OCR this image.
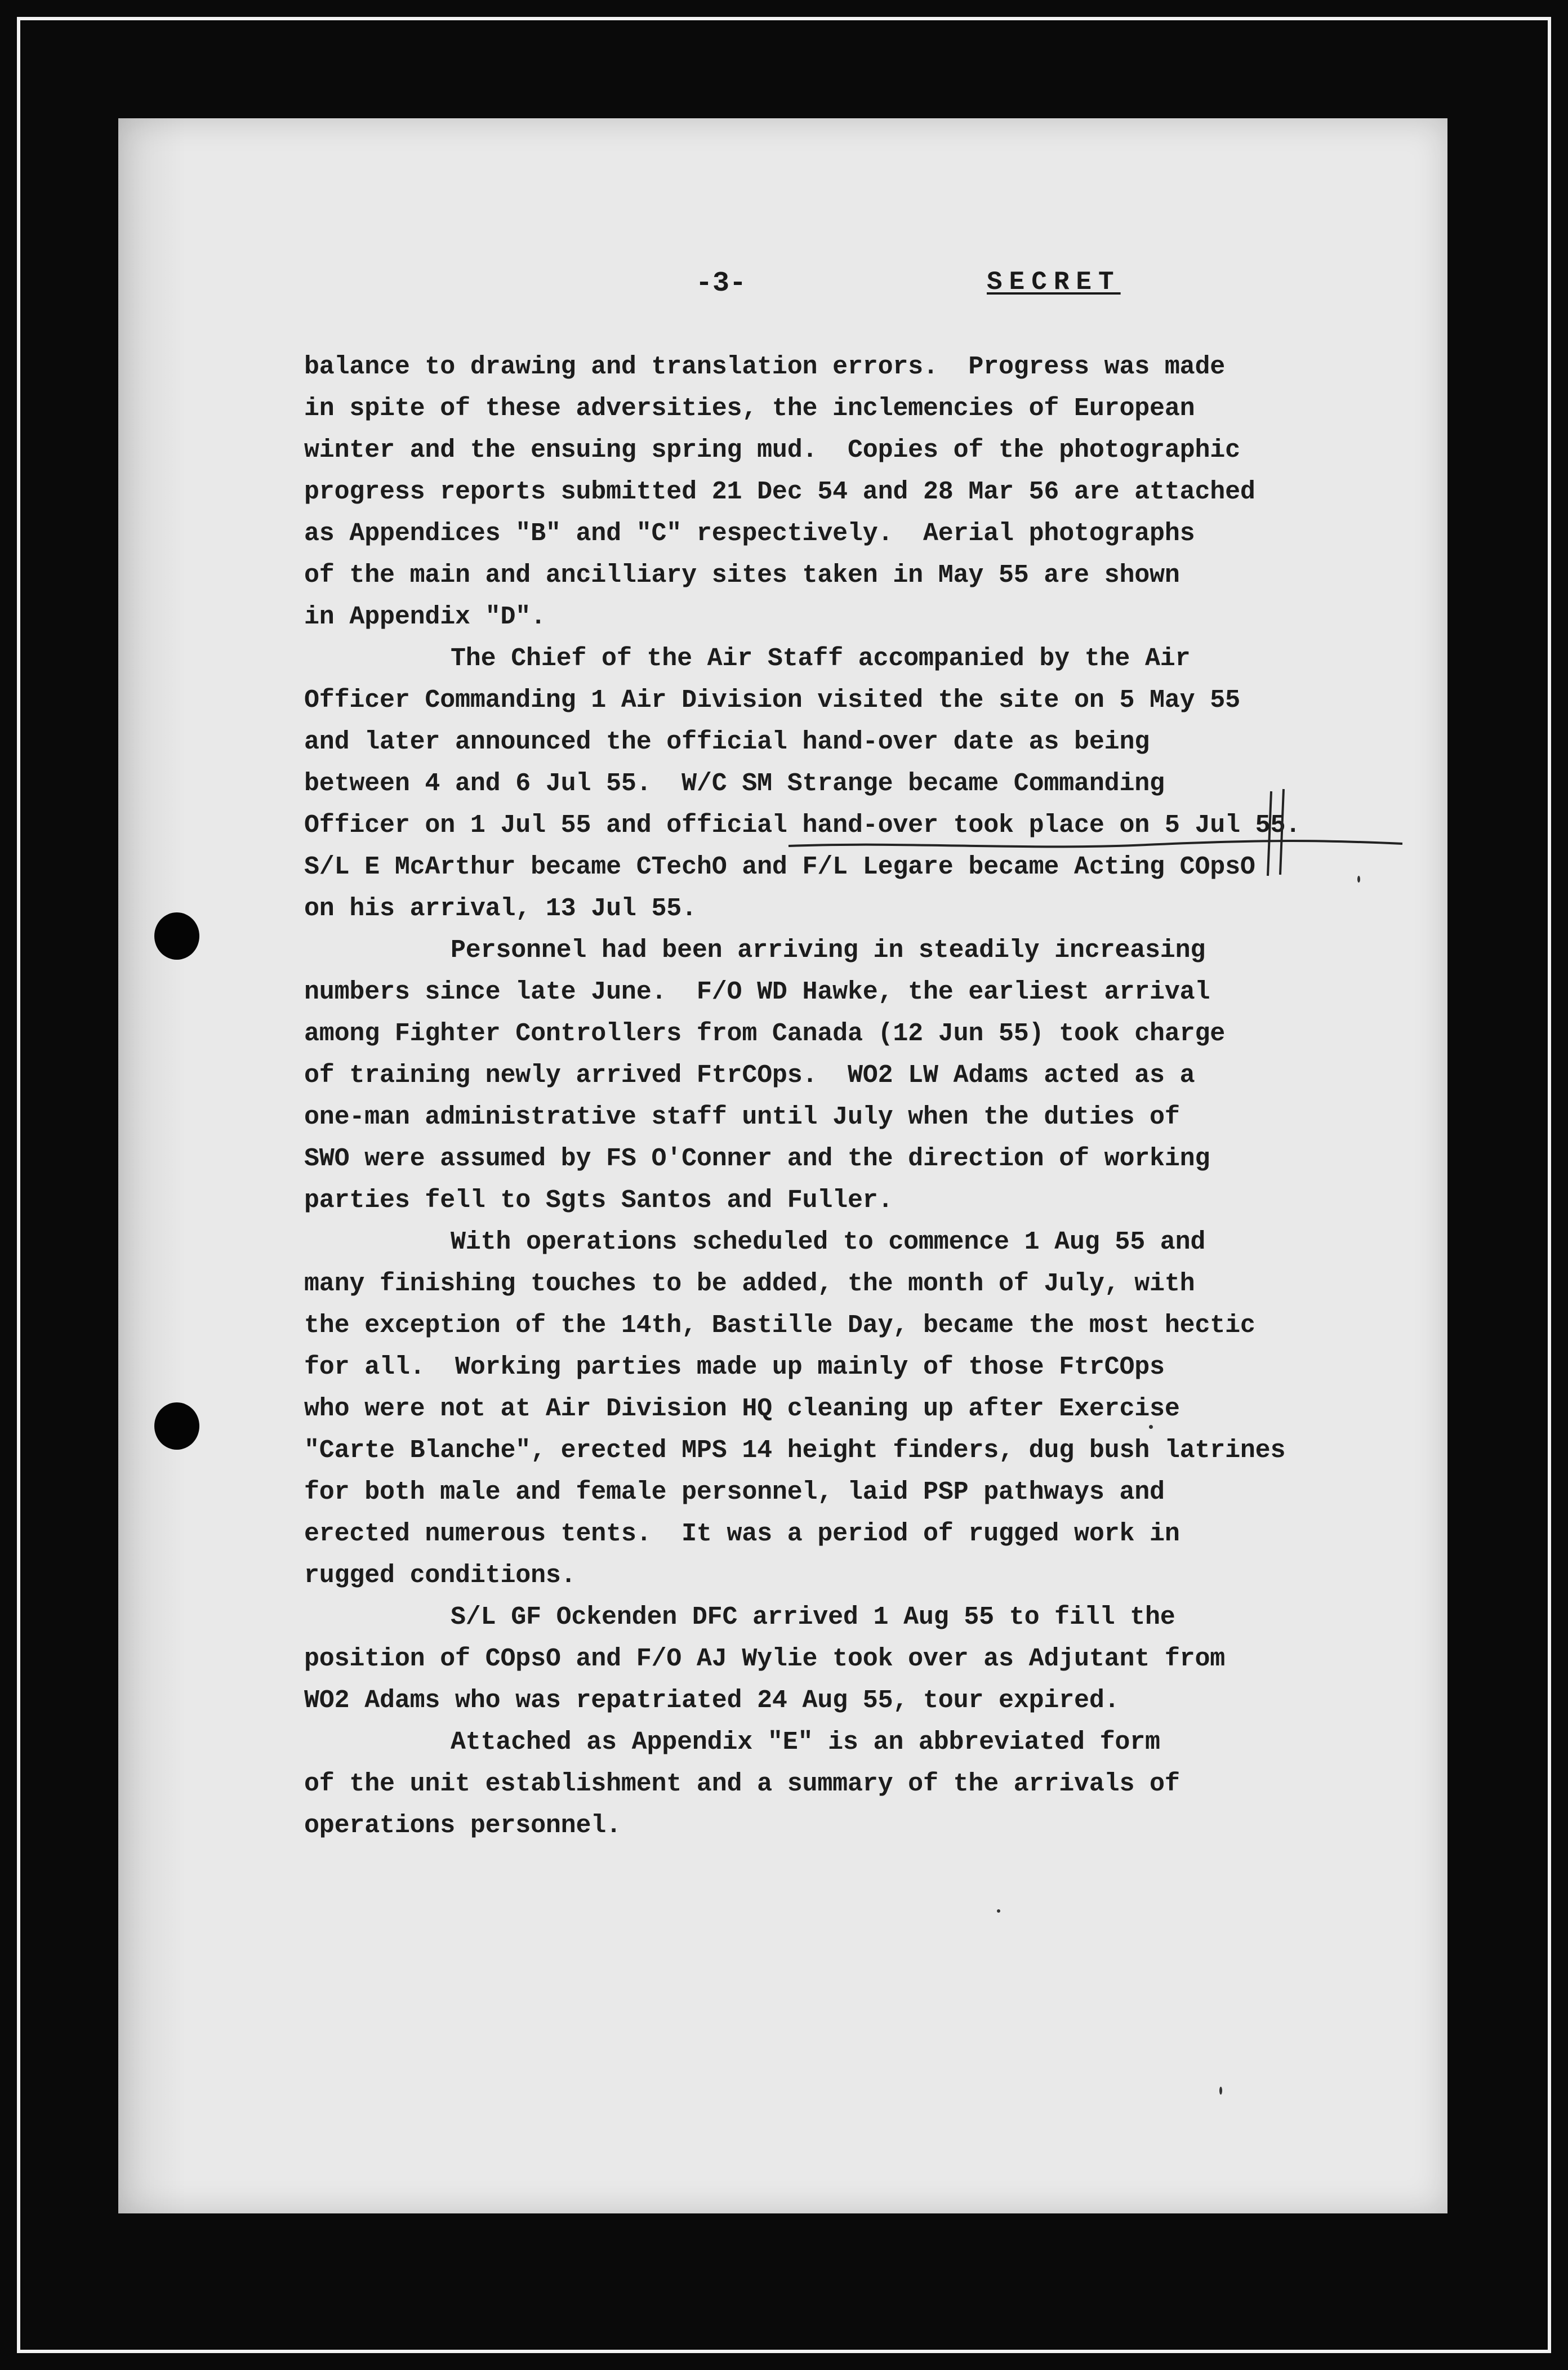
-3-	SECRET
balance to drawing and translation errors.  Progress was made
in spite of these adversities, the inclemencies of European
winter and the ensuing spring mud.  Copies of the photographic
progress reports submitted 21 Dec 54 and 28 Mar 56 are attached
as Appendices "B" and "C" respectively.  Aerial photographs
of the main and ancilliary sites taken in May 55 are shown
in Appendix "D".
The Chief of the Air Staff accompanied by the Air
Officer Commanding 1 Air Division visited the site on 5 May 55
and later announced the official hand-over date as being
between 4 and 6 Jul 55.  W/C SM Strange became Commanding
Officer on 1 Jul 55 and official hand-over took place on 5 Jul 55.
S/L E McArthur became CTechO and F/L Legare became Acting COpsO
on his arrival, 13 Jul 55.
Personnel had been arriving in steadily increasing
numbers since late June.  F/O WD Hawke, the earliest arrival
among Fighter Controllers from Canada (12 Jun 55) took charge
of training newly arrived FtrCOps.  WO2 LW Adams acted as a
one-man administrative staff until July when the duties of
SWO were assumed by FS O'Conner and the direction of working
parties fell to Sgts Santos and Fuller.
With operations scheduled to commence 1 Aug 55 and
many finishing touches to be added, the month of July, with
the exception of the 14th, Bastille Day, became the most hectic
for all.  Working parties made up mainly of those FtrCOps
who were not at Air Division HQ cleaning up after Exercise
"Carte Blanche", erected MPS 14 height finders, dug bush latrines
for both male and female personnel, laid PSP pathways and
erected numerous tents.  It was a period of rugged work in
rugged conditions.
S/L GF Ockenden DFC arrived 1 Aug 55 to fill the
position of COpsO and F/O AJ Wylie took over as Adjutant from
WO2 Adams who was repatriated 24 Aug 55, tour expired.
Attached as Appendix "E" is an abbreviated form
of the unit establishment and a summary of the arrivals of
operations personnel.
